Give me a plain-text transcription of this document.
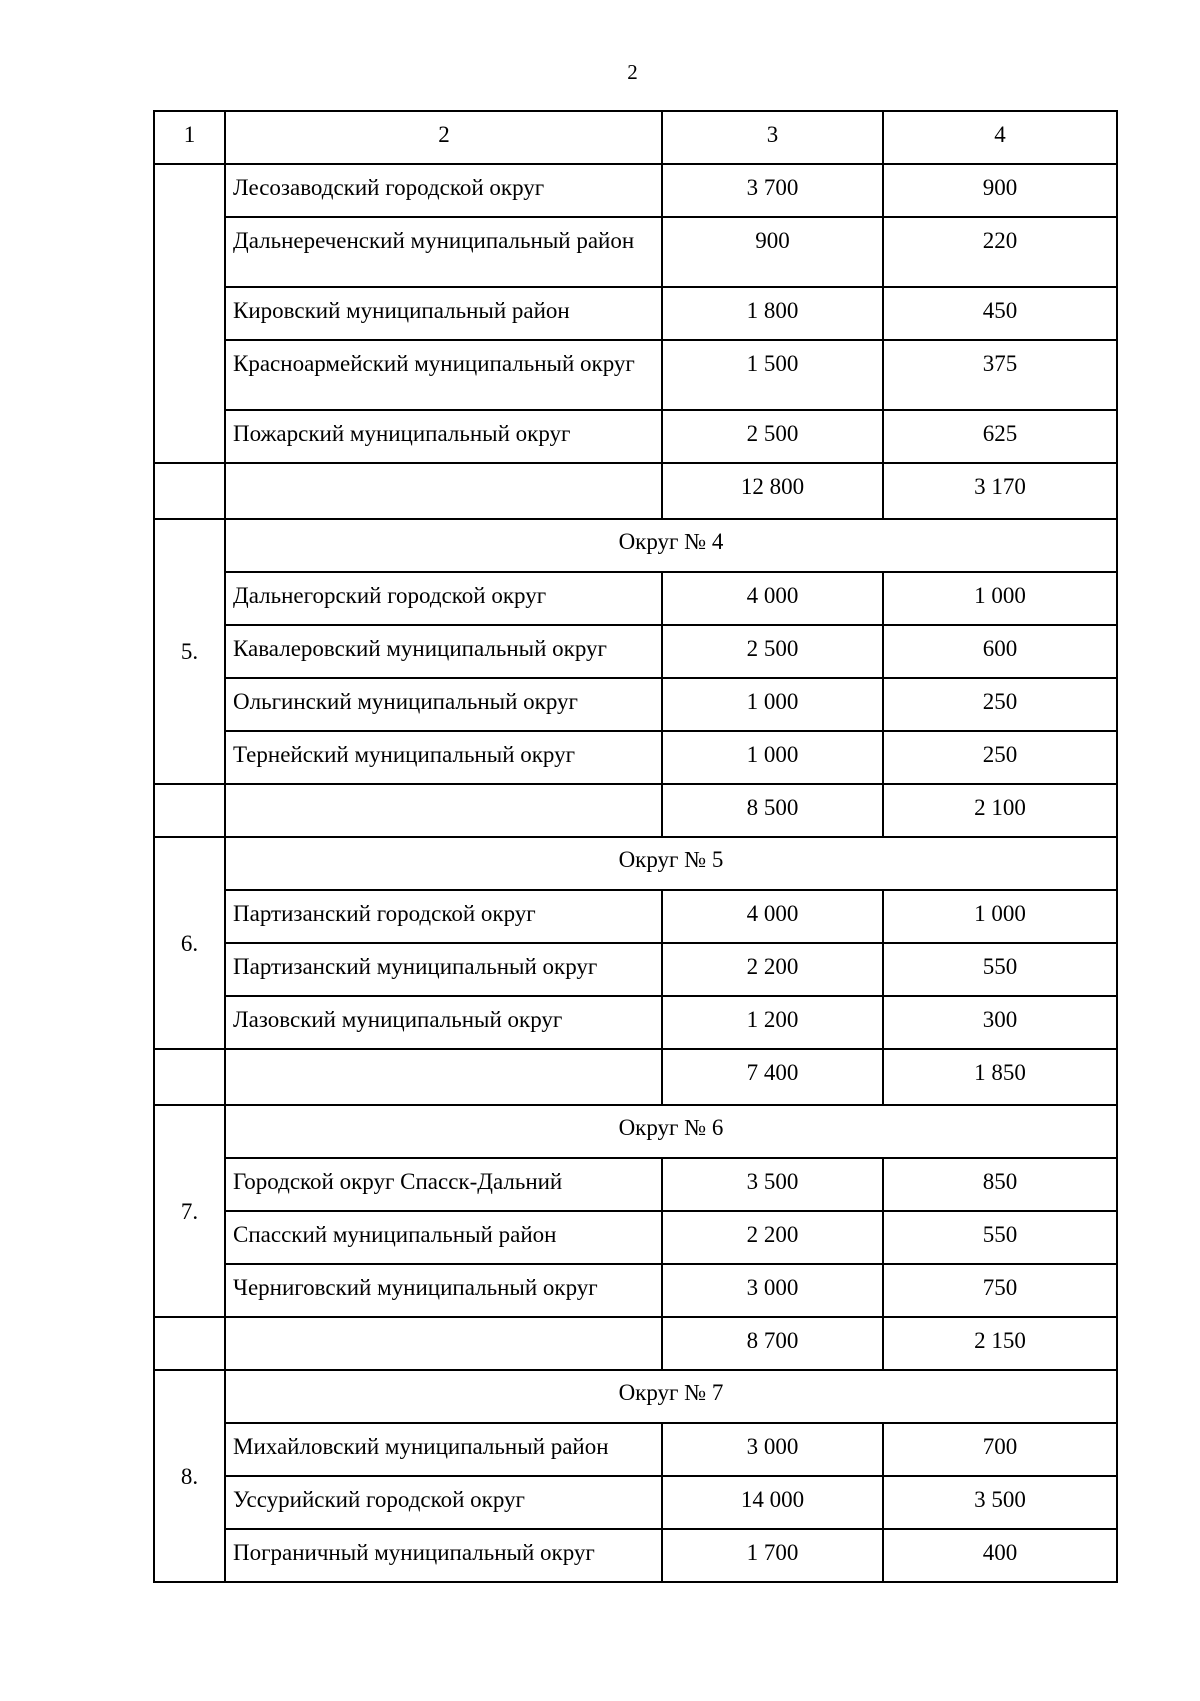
2
1	2	3	4
	Лесозаводский городской округ	3 700	900
	Дальнереченский муниципальный район	900	220
	Кировский муниципальный район	1 800	450
	Красноармейский муниципальный округ	1 500	375
	Пожарский муниципальный округ	2 500	625
		12 800	3 170
5.	Округ № 4		
	Дальнегорский городской округ	4 000	1 000
	Кавалеровский муниципальный округ	2 500	600
	Ольгинский муниципальный округ	1 000	250
	Тернейский муниципальный округ	1 000	250
		8 500	2 100
6.	Округ № 5		
	Партизанский городской округ	4 000	1 000
	Партизанский муниципальный округ	2 200	550
	Лазовский муниципальный округ	1 200	300
		7 400	1 850
7.	Округ № 6		
	Городской округ Спасск-Дальний	3 500	850
	Спасский муниципальный район	2 200	550
	Черниговский муниципальный округ	3 000	750
		8 700	2 150
8.	Округ № 7		
	Михайловский муниципальный район	3 000	700
	Уссурийский городской округ	14 000	3 500
	Пограничный муниципальный округ	1 700	400
